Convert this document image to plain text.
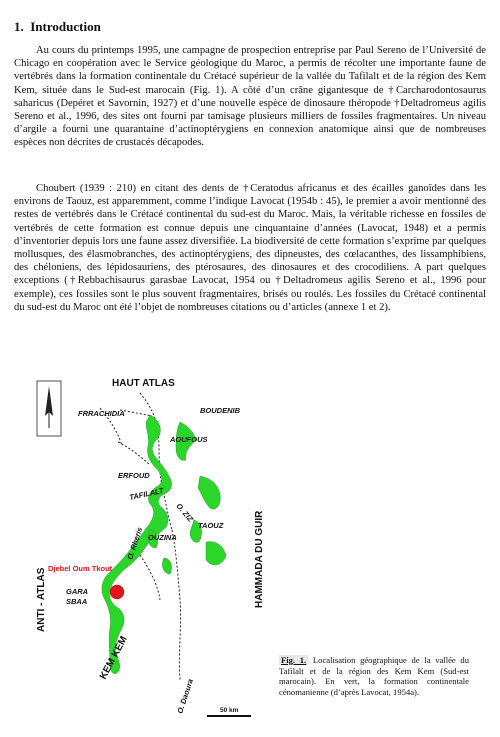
1. Introduction

Au cours du printemps 1995, une campagne de prospection entreprise par Paul Sereno de l’Université de Chicago en coopération avec le Service géologique du Maroc, a permis de récolter une importante faune de vertébrés dans la formation continentale du Crétacé supérieur de la vallée du Tafilalt et de la région des Kem Kem, située dans le Sud-est marocain (Fig. 1). A côté d’un crâne gigantesque de †Carcharodontosaurus saharicus (Depéret et Savornin, 1927) et d’une nouvelle espèce de dinosaure théropode †Deltadromeus agilis Sereno et al., 1996, des sites ont fourni par tamisage plusieurs milliers de fossiles fragmentaires. Un niveau d’argile a fourni une quarantaine d’actinoptérygiens en connexion anatomique ainsi que de nombreuses espèces non décrites de crustacés décapodes.

Choubert (1939 : 210) en citant des dents de †Ceratodus africanus et des écailles ganoïdes dans les environs de Taouz, est apparemment, comme l’indique Lavocat (1954b : 45), le premier a avoir mentionné des restes de vertébrés dans le Crétacé continental du sud-est du Maroc. Mais, la véritable richesse en fossiles de vertébrés de cette formation est connue depuis une cinquantaine d’années (Lavocat, 1948) et a permis d’inventorier depuis lors une faune assez diversifiée. La biodiversité de cette formation s’exprime par quelques mollusques, des élasmobranches, des actinoptérygiens, des dipneustes, des cœlacanthes, des lissamphibiens, des chéloniens, des lépidosauriens, des ptérosaures, des dinosaures et des crocodiliens. A part quelques exceptions (†Rebbachisaurus garasbae Lavocat, 1954 ou †Deltadromeus agilis Sereno et al., 1996 pour exemple), ces fossiles sont le plus souvent fragmentaires, brisés ou roulés. Les fossiles du Crétacé continental du sud-est du Maroc ont été l’objet de nombreuses citations ou d’articles (annexe 1 et 2).

HAUT ATLAS
FRRACHIDIA	BOUDENIB
AOUFOUS
ERFOUD
TAFILALT
O. ZIZ
TAOUZ
OUZINA
O. Rheris
Djebel Oum Tkout
GARA
SBAA
KEM KEM
O. Daoura
ANTI - ATLAS	HAMMADA DU GUIR
50 km

Fig. 1. Localisation géographique de la vallée du Tafilalt et de la région des Kem Kem (Sud-est marocain). En vert, la formation continentale cénomanienne (d’après Lavocat, 1954a).
